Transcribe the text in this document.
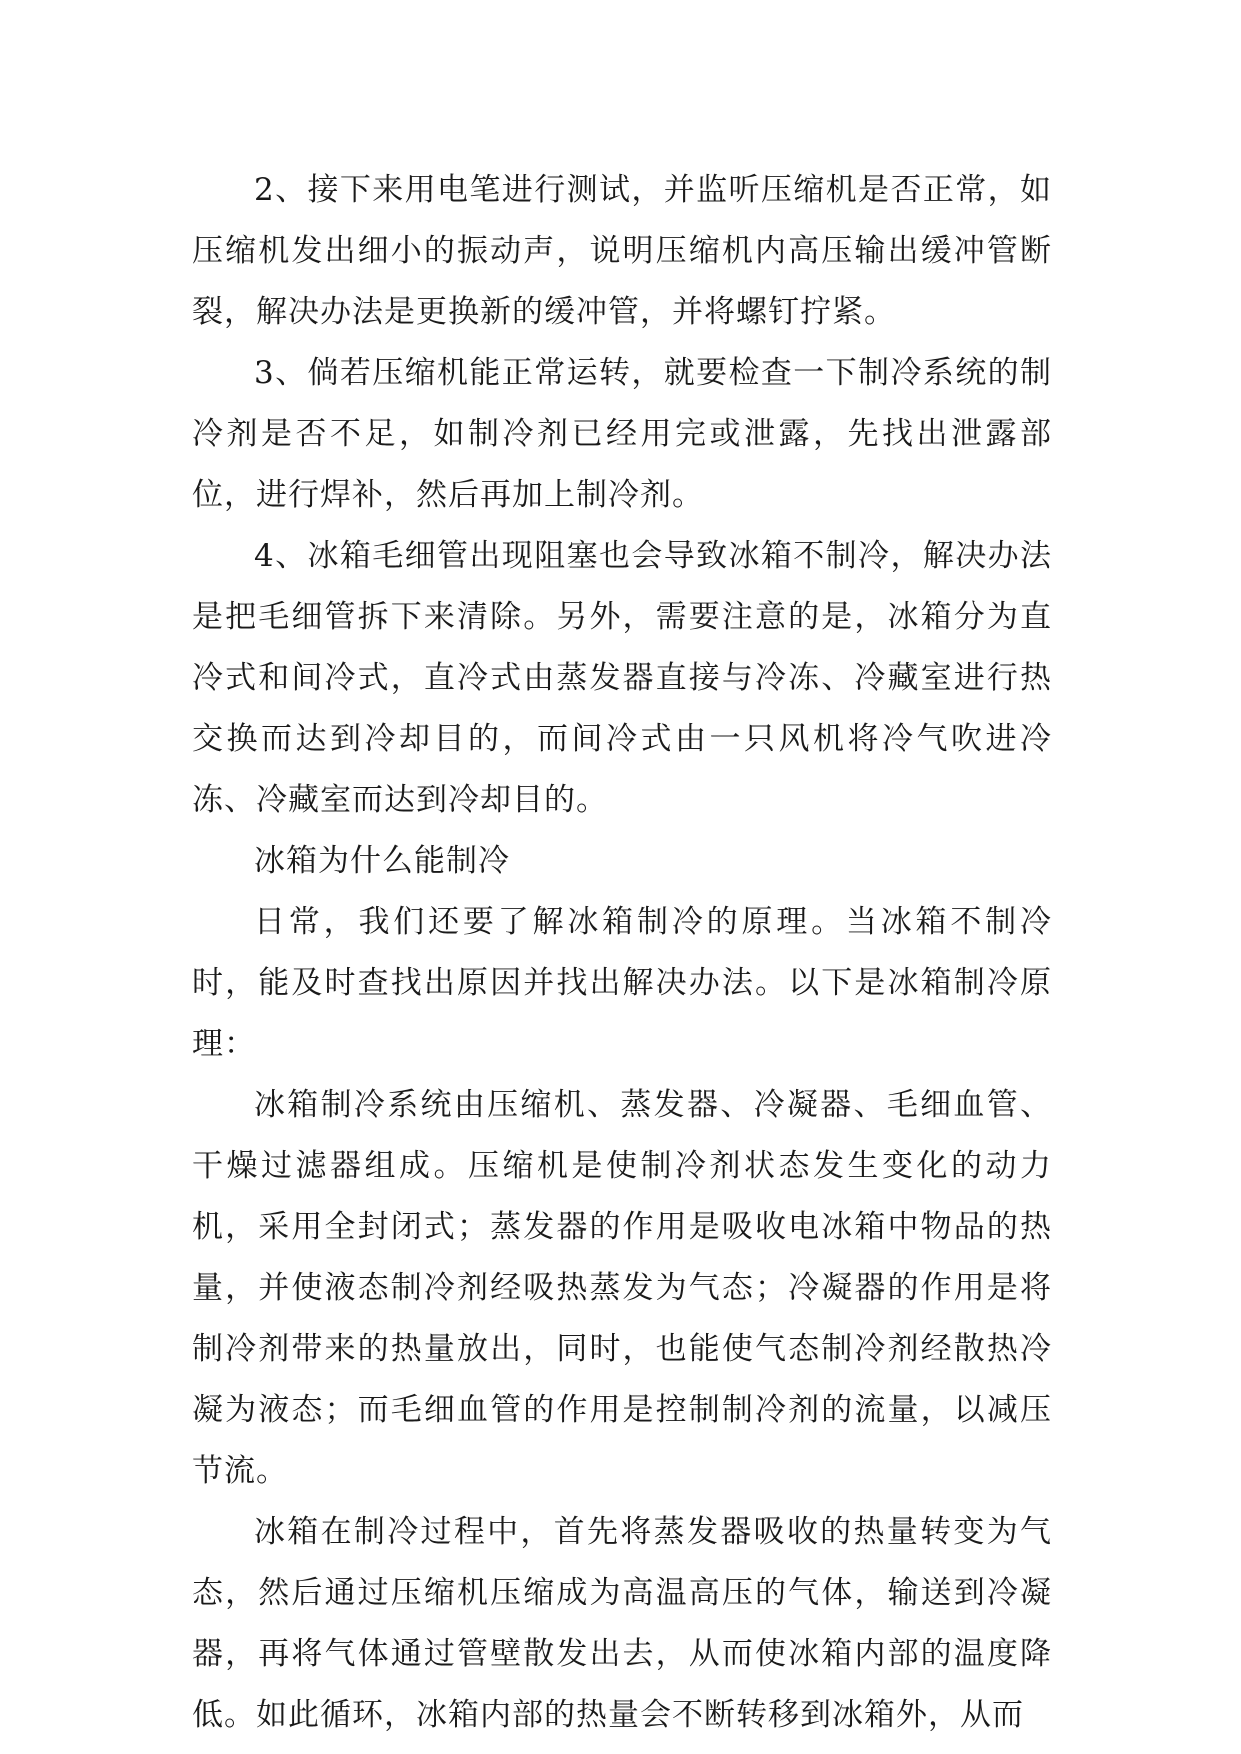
2、接下来用电笔进行测试，并监听压缩机是否正常，如压缩机发出细小的振动声，说明压缩机内高压输出缓冲管断裂，解决办法是更换新的缓冲管，并将螺钉拧紧。

3、倘若压缩机能正常运转，就要检查一下制冷系统的制冷剂是否不足，如制冷剂已经用完或泄露，先找出泄露部位，进行焊补，然后再加上制冷剂。

4、冰箱毛细管出现阻塞也会导致冰箱不制冷，解决办法是把毛细管拆下来清除。另外，需要注意的是，冰箱分为直冷式和间冷式，直冷式由蒸发器直接与冷冻、冷藏室进行热交换而达到冷却目的，而间冷式由一只风机将冷气吹进冷冻、冷藏室而达到冷却目的。

冰箱为什么能制冷

日常，我们还要了解冰箱制冷的原理。当冰箱不制冷时，能及时查找出原因并找出解决办法。以下是冰箱制冷原理：

冰箱制冷系统由压缩机、蒸发器、冷凝器、毛细血管、干燥过滤器组成。压缩机是使制冷剂状态发生变化的动力机，采用全封闭式；蒸发器的作用是吸收电冰箱中物品的热量，并使液态制冷剂经吸热蒸发为气态；冷凝器的作用是将制冷剂带来的热量放出，同时，也能使气态制冷剂经散热冷凝为液态；而毛细血管的作用是控制制冷剂的流量，以减压节流。

冰箱在制冷过程中，首先将蒸发器吸收的热量转变为气态，然后通过压缩机压缩成为高温高压的气体，输送到冷凝器，再将气体通过管壁散发出去，从而使冰箱内部的温度降低。如此循环，冰箱内部的热量会不断转移到冰箱外，从而
